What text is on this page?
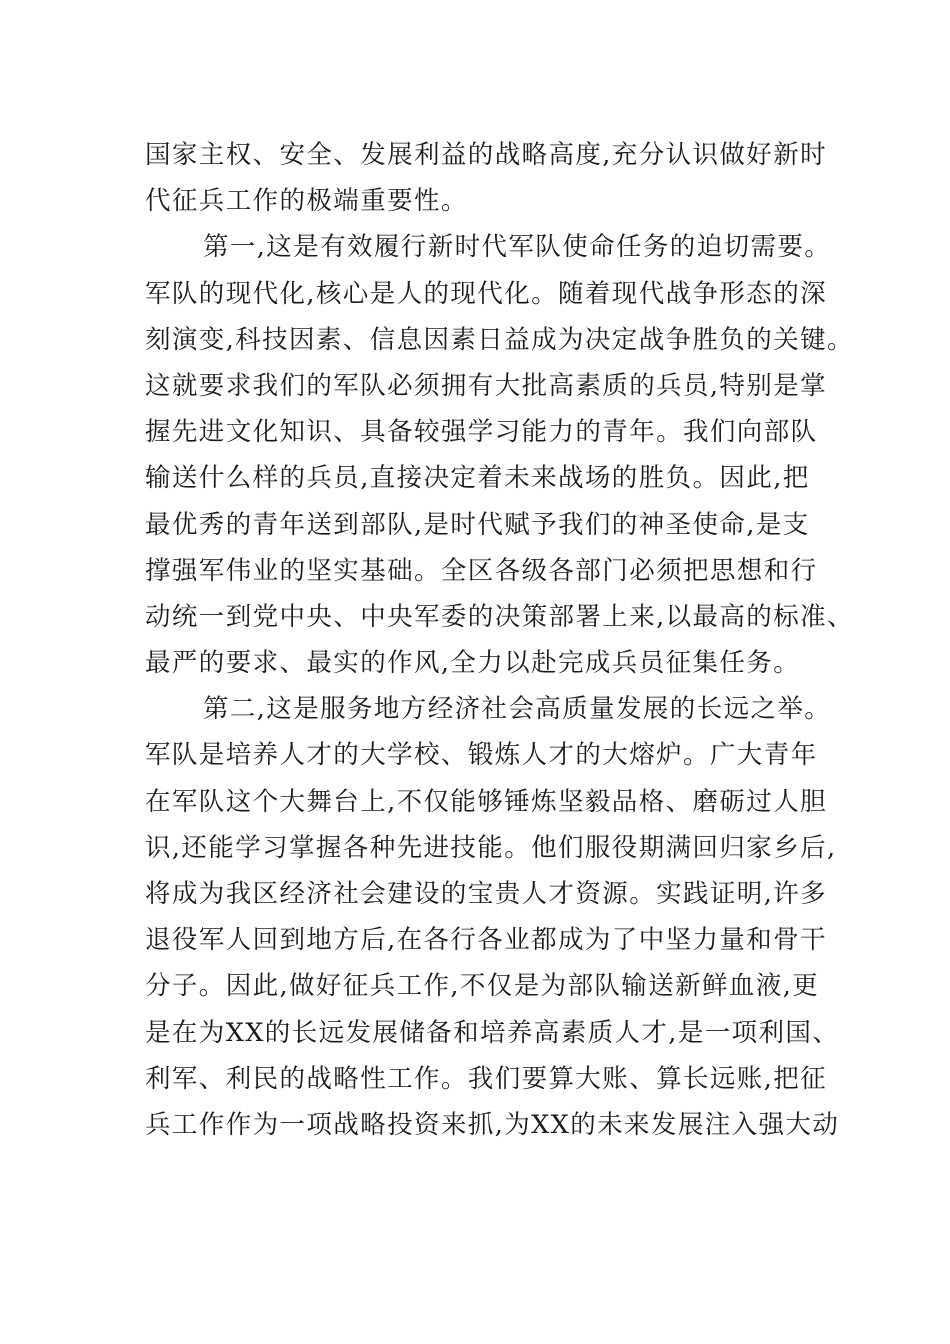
国家主权、安全、发展利益的战略高度,充分认识做好新时
代征兵工作的极端重要性。
第一,这是有效履行新时代军队使命任务的迫切需要。
军队的现代化,核心是人的现代化。随着现代战争形态的深
刻演变,科技因素、信息因素日益成为决定战争胜负的关键。
这就要求我们的军队必须拥有大批高素质的兵员,特别是掌
握先进文化知识、具备较强学习能力的青年。我们向部队
输送什么样的兵员,直接决定着未来战场的胜负。因此,把
最优秀的青年送到部队,是时代赋予我们的神圣使命,是支
撑强军伟业的坚实基础。全区各级各部门必须把思想和行
动统一到党中央、中央军委的决策部署上来,以最高的标准、
最严的要求、最实的作风,全力以赴完成兵员征集任务。
第二,这是服务地方经济社会高质量发展的长远之举。
军队是培养人才的大学校、锻炼人才的大熔炉。广大青年
在军队这个大舞台上,不仅能够锤炼坚毅品格、磨砺过人胆
识,还能学习掌握各种先进技能。他们服役期满回归家乡后,
将成为我区经济社会建设的宝贵人才资源。实践证明,许多
退役军人回到地方后,在各行各业都成为了中坚力量和骨干
分子。因此,做好征兵工作,不仅是为部队输送新鲜血液,更
是在为XX的长远发展储备和培养高素质人才,是一项利国、
利军、利民的战略性工作。我们要算大账、算长远账,把征
兵工作作为一项战略投资来抓,为XX的未来发展注入强大动
